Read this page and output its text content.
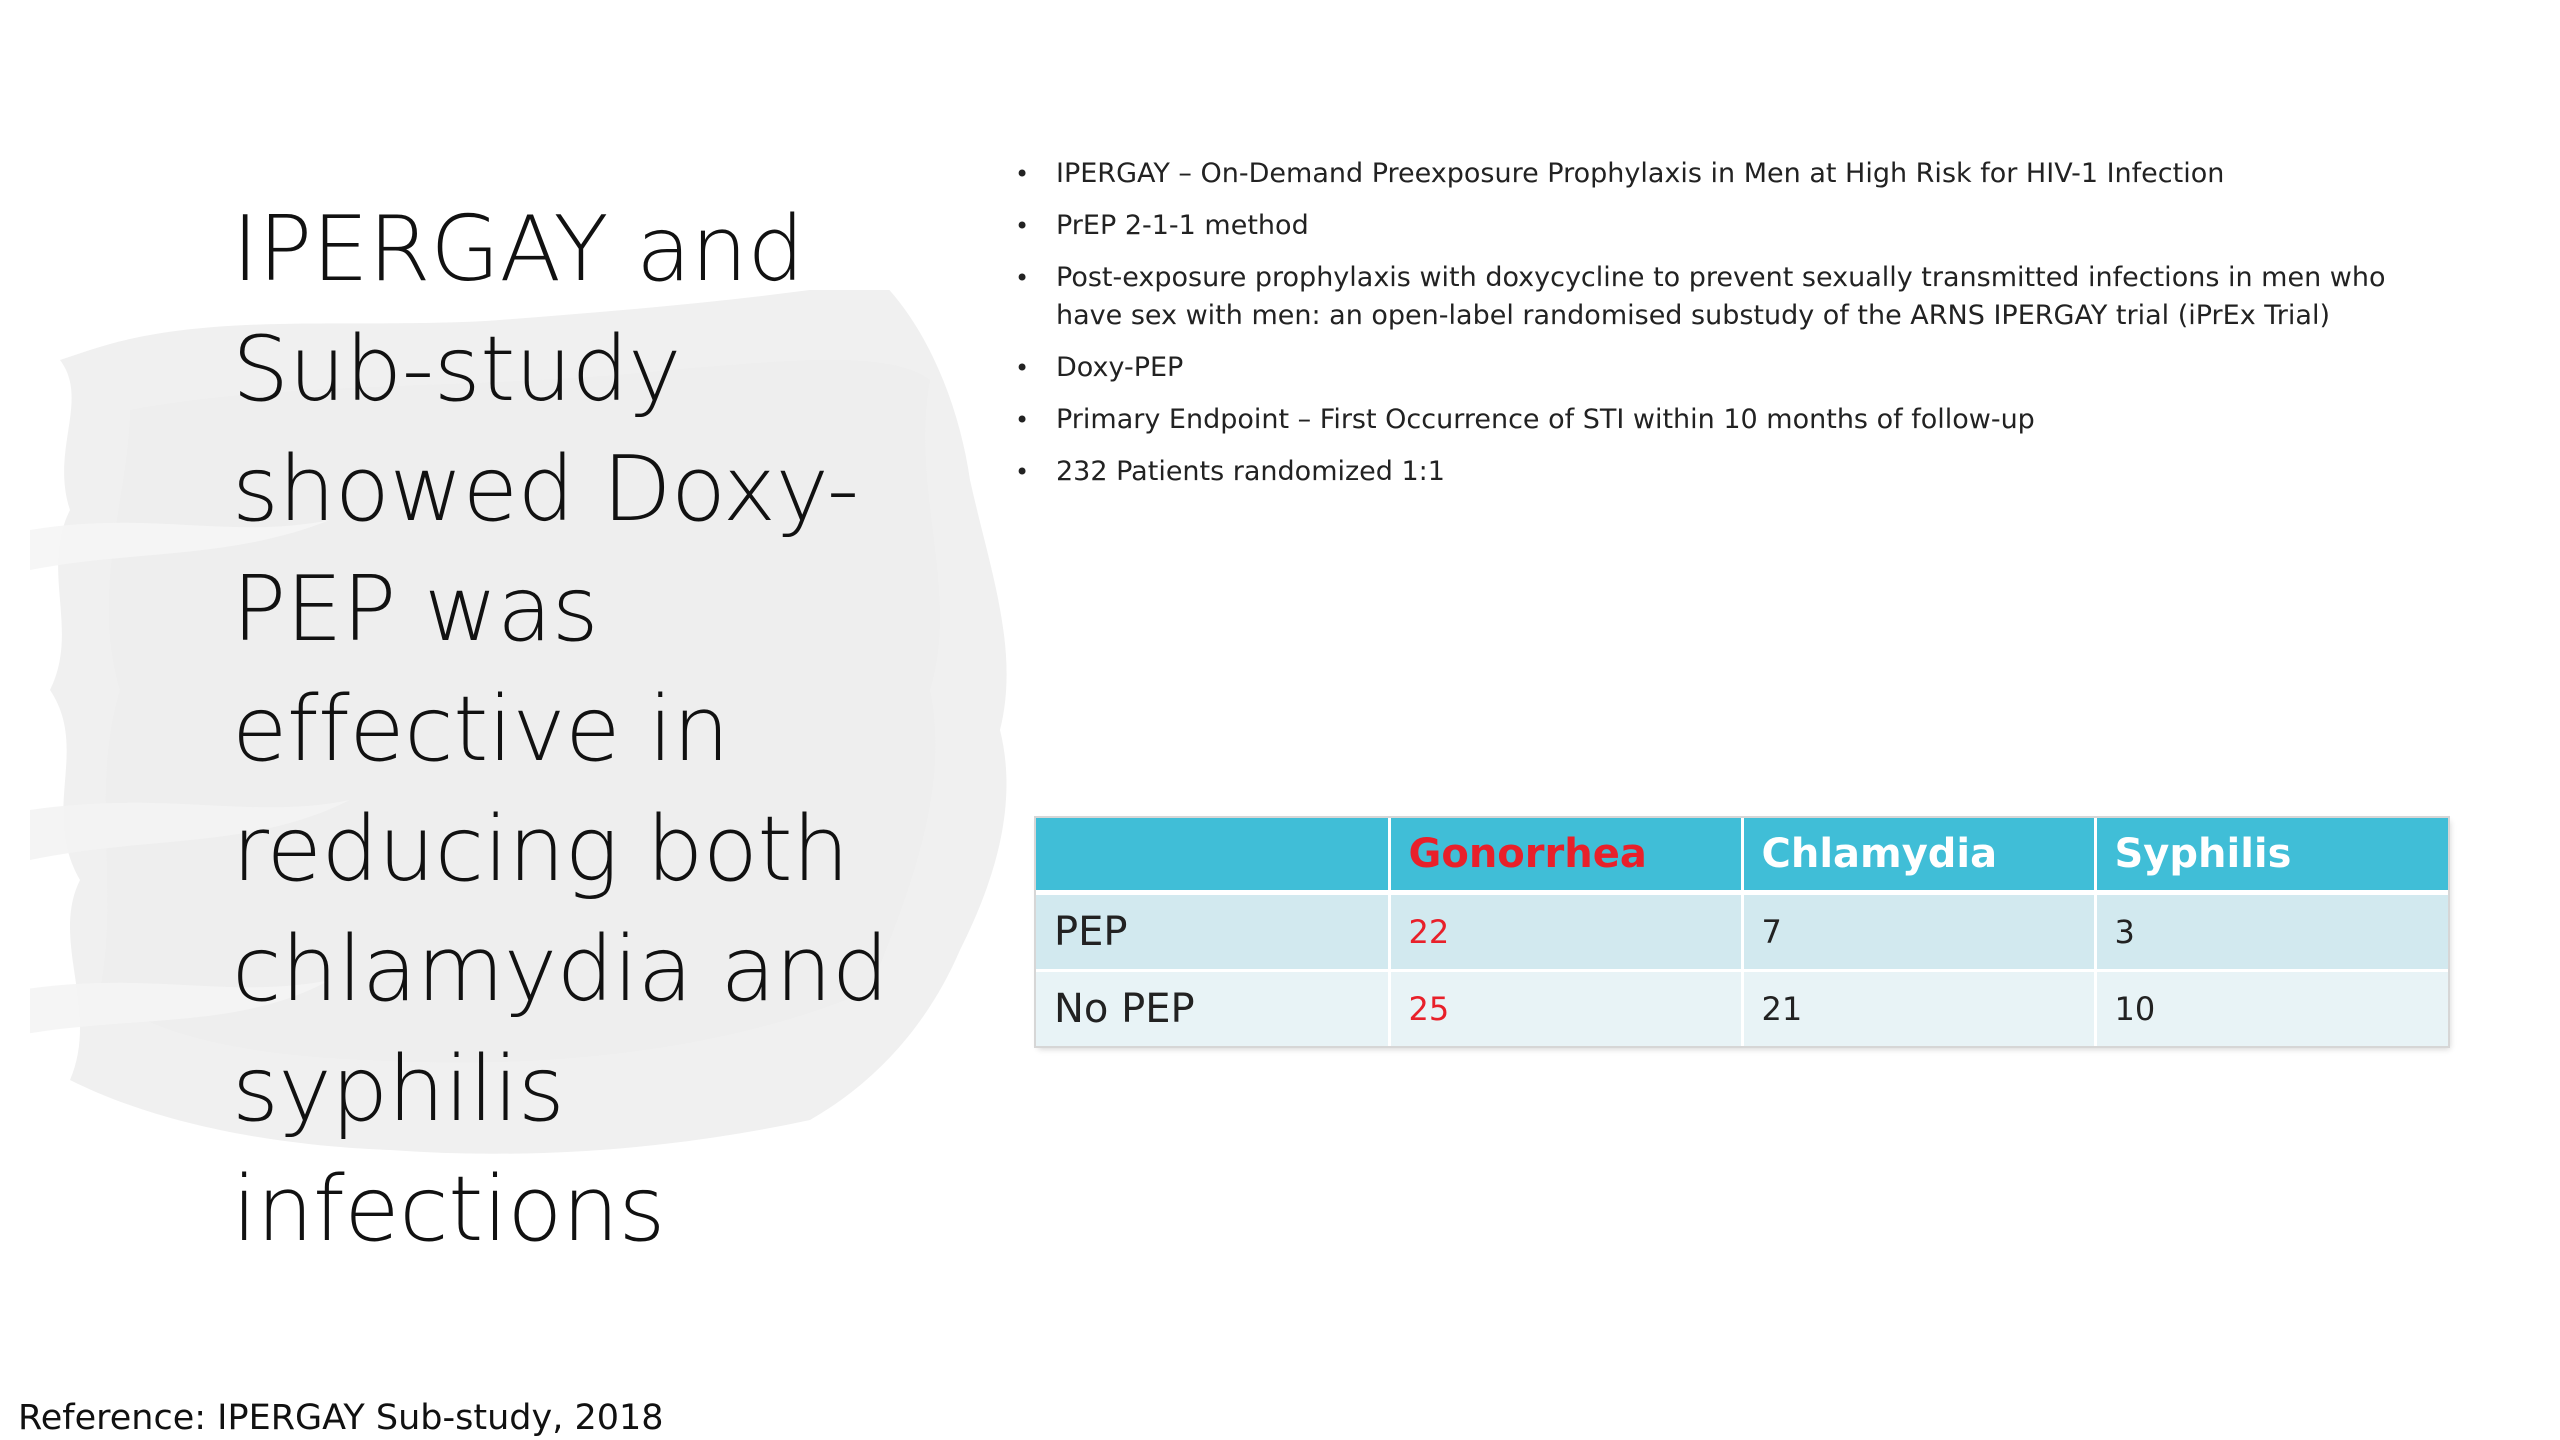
IPERGAY and
Sub-study
showed Doxy-
PEP was
effective in
reducing both
chlamydia and
syphilis
infections
• IPERGAY – On-Demand Preexposure Prophylaxis in Men at High Risk for HIV-1 Infection
• PrEP 2-1-1 method
• Post-exposure prophylaxis with doxycycline to prevent sexually transmitted infections in men who have sex with men: an open-label randomised substudy of the ARNS IPERGAY trial (iPrEx Trial)
• Doxy-PEP
• Primary Endpoint – First Occurrence of STI within 10 months of follow-up
• 232 Patients randomized 1:1
	Gonorrhea	Chlamydia	Syphilis
PEP	22	7	3
No PEP	25	21	10

Reference: IPERGAY Sub-study, 2018
